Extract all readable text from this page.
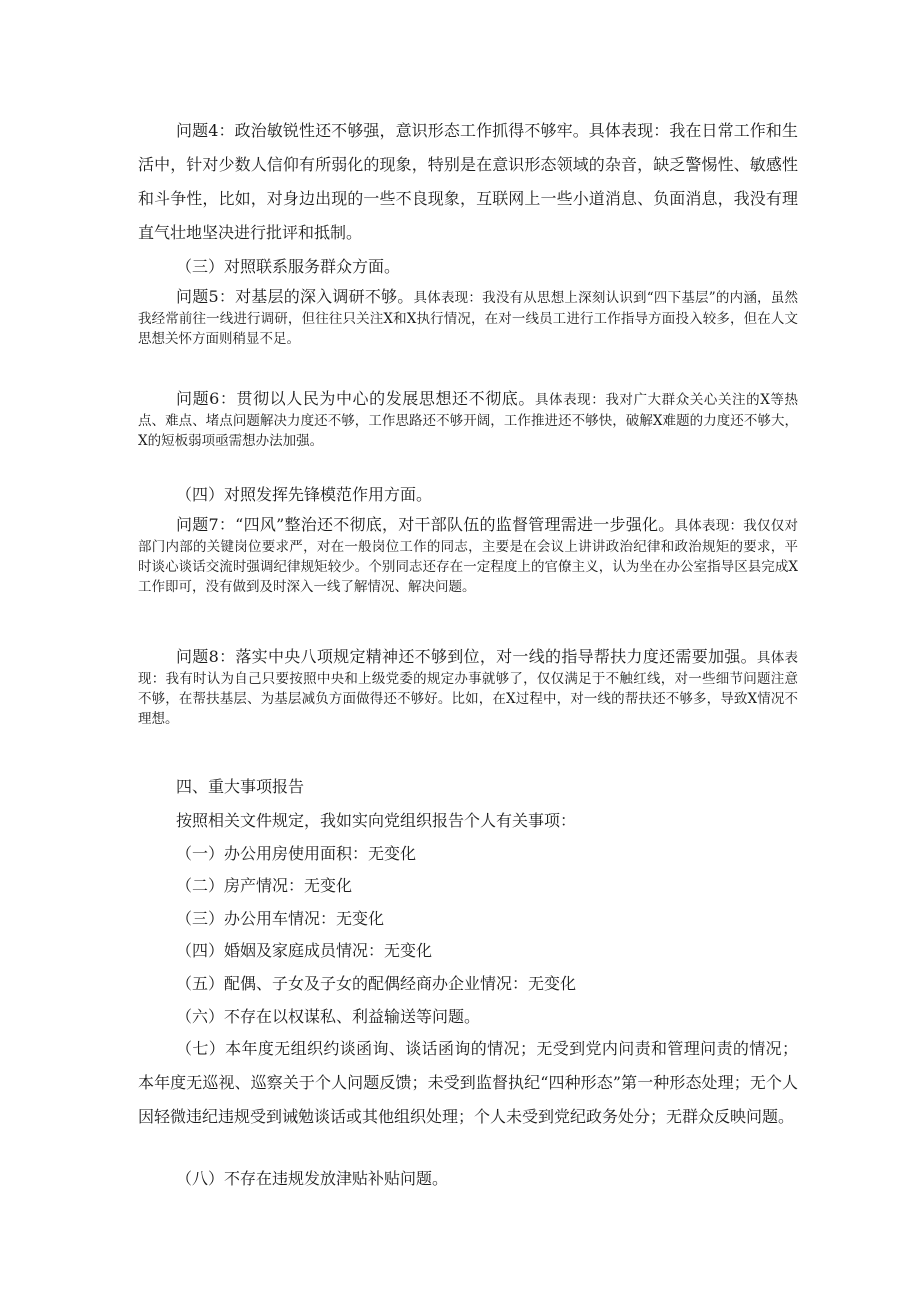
问题4：政治敏锐性还不够强，意识形态工作抓得不够牢。具体表现：我在日常工作和生活中，针对少数人信仰有所弱化的现象，特别是在意识形态领域的杂音，缺乏警惕性、敏感性和斗争性，比如，对身边出现的一些不良现象，互联网上一些小道消息、负面消息，我没有理直气壮地坚决进行批评和抵制。

（三）对照联系服务群众方面。

问题5：对基层的深入调研不够。具体表现：我没有从思想上深刻认识到“四下基层”的内涵，虽然我经常前往一线进行调研，但往往只关注X和X执行情况，在对一线员工进行工作指导方面投入较多，但在人文思想关怀方面则稍显不足。

问题6：贯彻以人民为中心的发展思想还不彻底。具体表现：我对广大群众关心关注的X等热点、难点、堵点问题解决力度还不够，工作思路还不够开阔，工作推进还不够快，破解X难题的力度还不够大，X的短板弱项亟需想办法加强。

（四）对照发挥先锋模范作用方面。

问题7：“四风”整治还不彻底，对干部队伍的监督管理需进一步强化。具体表现：我仅仅对部门内部的关键岗位要求严，对在一般岗位工作的同志，主要是在会议上讲讲政治纪律和政治规矩的要求，平时谈心谈话交流时强调纪律规矩较少。个别同志还存在一定程度上的官僚主义，认为坐在办公室指导区县完成X工作即可，没有做到及时深入一线了解情况、解决问题。

问题8：落实中央八项规定精神还不够到位，对一线的指导帮扶力度还需要加强。具体表现：我有时认为自己只要按照中央和上级党委的规定办事就够了，仅仅满足于不触红线，对一些细节问题注意不够，在帮扶基层、为基层减负方面做得还不够好。比如，在X过程中，对一线的帮扶还不够多，导致X情况不理想。

四、重大事项报告

按照相关文件规定，我如实向党组织报告个人有关事项：

（一）办公用房使用面积：无变化

（二）房产情况：无变化

（三）办公用车情况：无变化

（四）婚姻及家庭成员情况：无变化

（五）配偶、子女及子女的配偶经商办企业情况：无变化

（六）不存在以权谋私、利益输送等问题。

（七）本年度无组织约谈函询、谈话函询的情况；无受到党内问责和管理问责的情况；本年度无巡视、巡察关于个人问题反馈；未受到监督执纪“四种形态”第一种形态处理；无个人因轻微违纪违规受到诫勉谈话或其他组织处理；个人未受到党纪政务处分；无群众反映问题。

（八）不存在违规发放津贴补贴问题。
